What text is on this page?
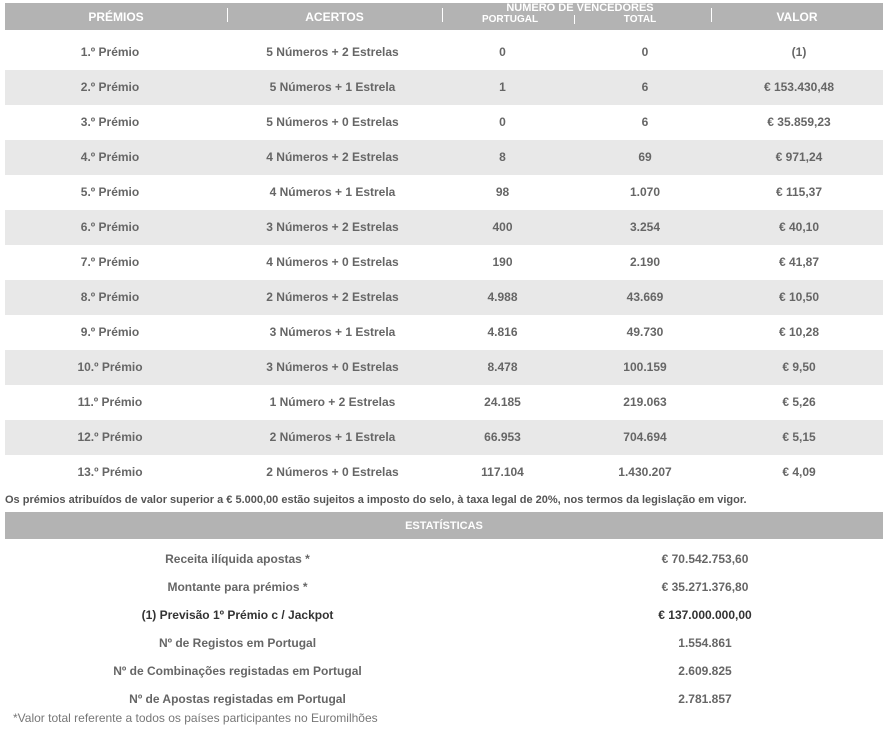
PRÉMIOS	ACERTOS
NÚMERO DE VENCEDORES
PORTUGAL	TOTAL	VALOR
1.º Prémio	5 Números + 2 Estrelas	0	0	(1)
2.º Prémio	5 Números + 1 Estrela	1	6	€ 153.430,48
3.º Prémio	5 Números + 0 Estrelas	0	6	€ 35.859,23
4.º Prémio	4 Números + 2 Estrelas	8	69	€ 971,24
5.º Prémio	4 Números + 1 Estrela	98	1.070	€ 115,37
6.º Prémio	3 Números + 2 Estrelas	400	3.254	€ 40,10
7.º Prémio	4 Números + 0 Estrelas	190	2.190	€ 41,87
8.º Prémio	2 Números + 2 Estrelas	4.988	43.669	€ 10,50
9.º Prémio	3 Números + 1 Estrela	4.816	49.730	€ 10,28
10.º Prémio	3 Números + 0 Estrelas	8.478	100.159	€ 9,50
11.º Prémio	1 Número + 2 Estrelas	24.185	219.063	€ 5,26
12.º Prémio	2 Números + 1 Estrela	66.953	704.694	€ 5,15
13.º Prémio	2 Números + 0 Estrelas	117.104	1.430.207	€ 4,09
Os prémios atribuídos de valor superior a € 5.000,00 estão sujeitos a imposto do selo, à taxa legal de 20%, nos termos da legislação em vigor.
ESTATÍSTICAS
Receita ilíquida apostas *	€ 70.542.753,60
Montante para prémios *	€ 35.271.376,80
(1) Previsão 1º Prémio c / Jackpot	€ 137.000.000,00
Nº de Registos em Portugal	1.554.861
Nº de Combinações registadas em Portugal	2.609.825
Nº de Apostas registadas em Portugal	2.781.857
*Valor total referente a todos os países participantes no Euromilhões
